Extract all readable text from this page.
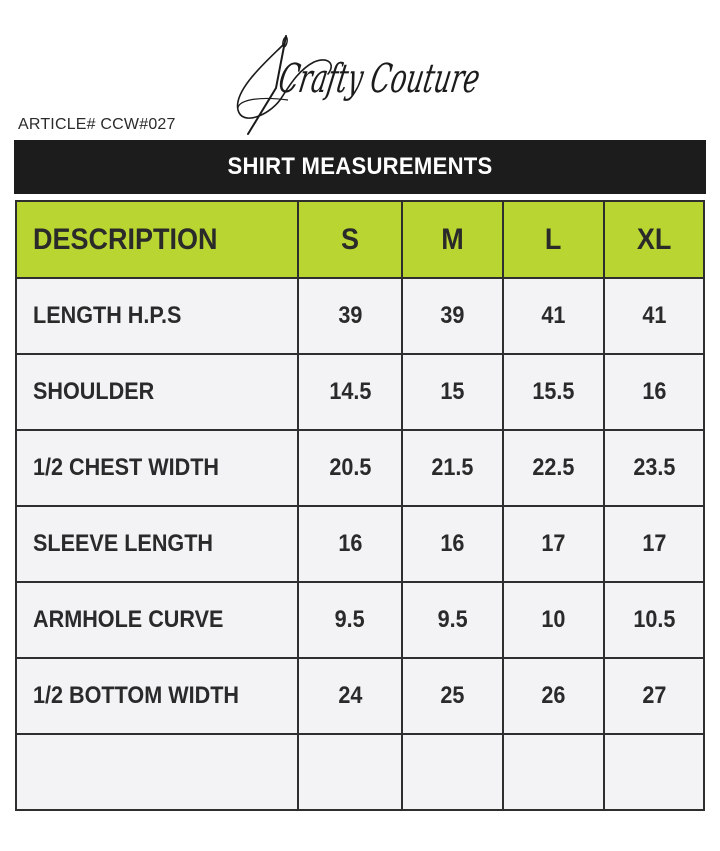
Crafty Couture
ARTICLE# CCW#027
SHIRT MEASUREMENTS
DESCRIPTION	S	M	L	XL
LENGTH H.P.S	39	39	41	41
SHOULDER	14.5	15	15.5	16
1/2 CHEST WIDTH	20.5	21.5	22.5	23.5
SLEEVE LENGTH	16	16	17	17
ARMHOLE CURVE	9.5	9.5	10	10.5
1/2 BOTTOM WIDTH	24	25	26	27
